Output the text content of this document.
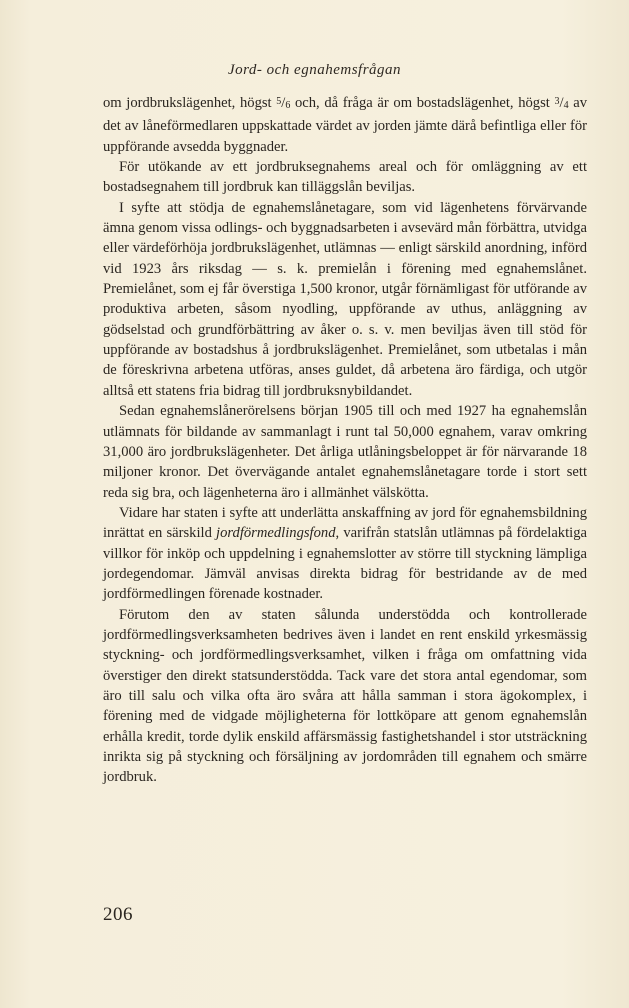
Jord- och egnahemsfrågan

om jordbrukslägenhet, högst $^5$/6 och, då fråga är om bostadslägenhet, högst $^3$/4 av det av låneförmedlaren uppskattade värdet av jorden jämte därå befintliga eller för uppförande avsedda byggnader.

För utökande av ett jordbruksegnahems areal och för omläggning av ett bostadsegnahem till jordbruk kan tilläggslån beviljas.

I syfte att stödja de egnahemslånetagare, som vid lägenhetens förvärvande ämna genom vissa odlings- och byggnadsarbeten i avsevärd mån förbättra, utvidga eller värdeförhöja jordbrukslägenhet, utlämnas — enligt särskild anordning, införd vid 1923 års riksdag — s. k. premielån i förening med egnahemslånet. Premielånet, som ej får överstiga 1,500 kronor, utgår förnämligast för utförande av produktiva arbeten, såsom nyodling, uppförande av uthus, anläggning av gödselstad och grundförbättring av åker o. s. v. men beviljas även till stöd för uppförande av bostadshus å jordbrukslägenhet. Premielånet, som utbetalas i mån de föreskrivna arbetena utföras, anses guldet, då arbetena äro färdiga, och utgör alltså ett statens fria bidrag till jordbruksnybildandet.

Sedan egnahemslånerörelsens början 1905 till och med 1927 ha egnahemslån utlämnats för bildande av sammanlagt i runt tal 50,000 egnahem, varav omkring 31,000 äro jordbrukslägenheter. Det årliga utlåningsbeloppet är för närvarande 18 miljoner kronor. Det övervägande antalet egnahemslånetagare torde i stort sett reda sig bra, och lägenheterna äro i allmänhet välskötta.

Vidare har staten i syfte att underlätta anskaffning av jord för egnahemsbildning inrättat en särskild jordförmedlingsfond, varifrån statslån utlämnas på fördelaktiga villkor för inköp och uppdelning i egnahemslotter av större till styckning lämpliga jordegendomar. Jämväl anvisas direkta bidrag för bestridande av de med jordförmedlingen förenade kostnader.

Förutom den av staten sålunda understödda och kontrollerade jordförmedlingsverksamheten bedrives även i landet en rent enskild yrkesmässig styckning- och jordförmedlingsverksamhet, vilken i fråga om omfattning vida överstiger den direkt statsunderstödda. Tack vare det stora antal egendomar, som äro till salu och vilka ofta äro svåra att hålla samman i stora ägokomplex, i förening med de vidgade möjligheterna för lottköpare att genom egnahemslån erhålla kredit, torde dylik enskild affärsmässig fastighetshandel i stor utsträckning inrikta sig på styckning och försäljning av jordområden till egnahem och smärre jordbruk.

206
